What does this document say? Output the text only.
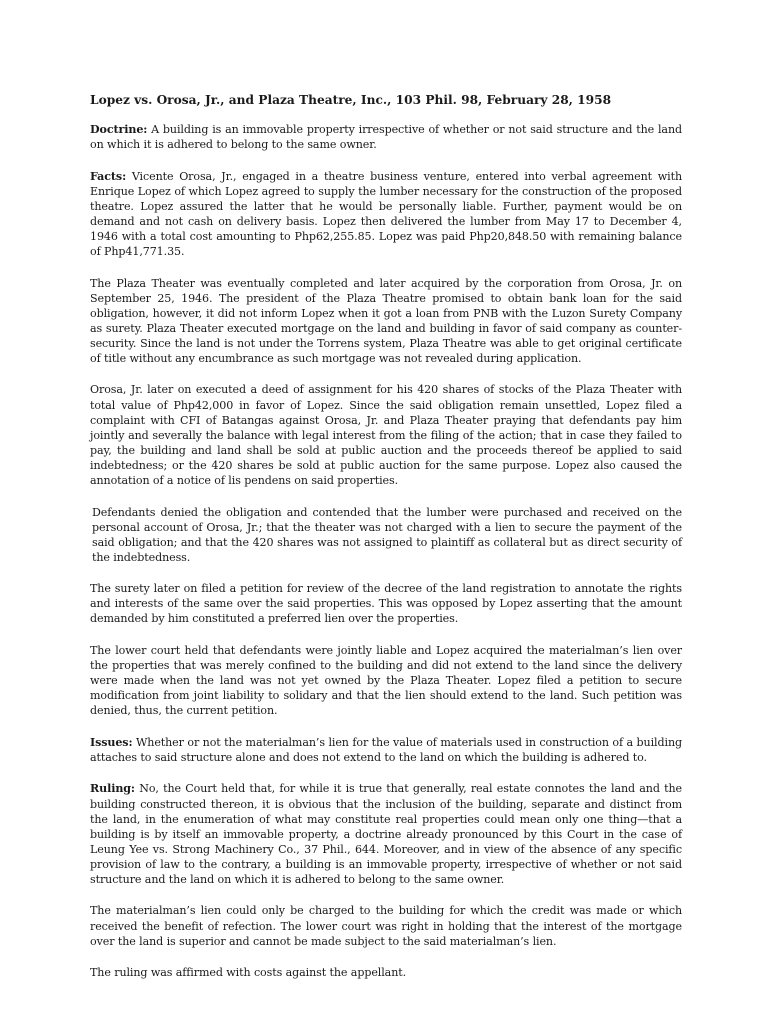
Lopez vs. Orosa, Jr., and Plaza Theatre, Inc., 103 Phil. 98, February 28, 1958

Doctrine: A building is an immovable property irrespective of whether or not said structure and the land on which it is adhered to belong to the same owner.

Facts: Vicente Orosa, Jr., engaged in a theatre business venture, entered into verbal agreement with Enrique Lopez of which Lopez agreed to supply the lumber necessary for the construction of the proposed theatre. Lopez assured the latter that he would be personally liable. Further, payment would be on demand and not cash on delivery basis. Lopez then delivered the lumber from May 17 to December 4, 1946 with a total cost amounting to Php62,255.85. Lopez was paid Php20,848.50 with remaining balance of Php41,771.35.

The Plaza Theater was eventually completed and later acquired by the corporation from Orosa, Jr. on September 25, 1946. The president of the Plaza Theatre promised to obtain bank loan for the said obligation, however, it did not inform Lopez when it got a loan from PNB with the Luzon Surety Company as surety. Plaza Theater executed mortgage on the land and building in favor of said company as counter-security. Since the land is not under the Torrens system, Plaza Theatre was able to get original certificate of title without any encumbrance as such mortgage was not revealed during application.

Orosa, Jr. later on executed a deed of assignment for his 420 shares of stocks of the Plaza Theater with total value of Php42,000 in favor of Lopez. Since the said obligation remain unsettled, Lopez filed a complaint with CFI of Batangas against Orosa, Jr. and Plaza Theater praying that defendants pay him jointly and severally the balance with legal interest from the filing of the action; that in case they failed to pay, the building and land shall be sold at public auction and the proceeds thereof be applied to said indebtedness; or the 420 shares be sold at public auction for the same purpose. Lopez also caused the annotation of a notice of lis pendens on said properties.

Defendants denied the obligation and contended that the lumber were purchased and received on the personal account of Orosa, Jr.; that the theater was not charged with a lien to secure the payment of the said obligation; and that the 420 shares was not assigned to plaintiff as collateral but as direct security of the indebtedness.

The surety later on filed a petition for review of the decree of the land registration to annotate the rights and interests of the same over the said properties. This was opposed by Lopez asserting that the amount demanded by him constituted a preferred lien over the properties.

The lower court held that defendants were jointly liable and Lopez acquired the materialman’s lien over the properties that was merely confined to the building and did not extend to the land since the delivery were made when the land was not yet owned by the Plaza Theater. Lopez filed a petition to secure modification from joint liability to solidary and that the lien should extend to the land. Such petition was denied, thus, the current petition.

Issues: Whether or not the materialman’s lien for the value of materials used in construction of a building attaches to said structure alone and does not extend to the land on which the building is adhered to.

Ruling: No, the Court held that, for while it is true that generally, real estate connotes the land and the building constructed thereon, it is obvious that the inclusion of the building, separate and distinct from the land, in the enumeration of what may constitute real properties could mean only one thing—that a building is by itself an immovable property, a doctrine already pronounced by this Court in the case of Leung Yee vs. Strong Machinery Co., 37 Phil., 644. Moreover, and in view of the absence of any specific provision of law to the contrary, a building is an immovable property, irrespective of whether or not said structure and the land on which it is adhered to belong to the same owner.

The materialman’s lien could only be charged to the building for which the credit was made or which received the benefit of refection. The lower court was right in holding that the interest of the mortgage over the land is superior and cannot be made subject to the said materialman’s lien.

The ruling was affirmed with costs against the appellant.
